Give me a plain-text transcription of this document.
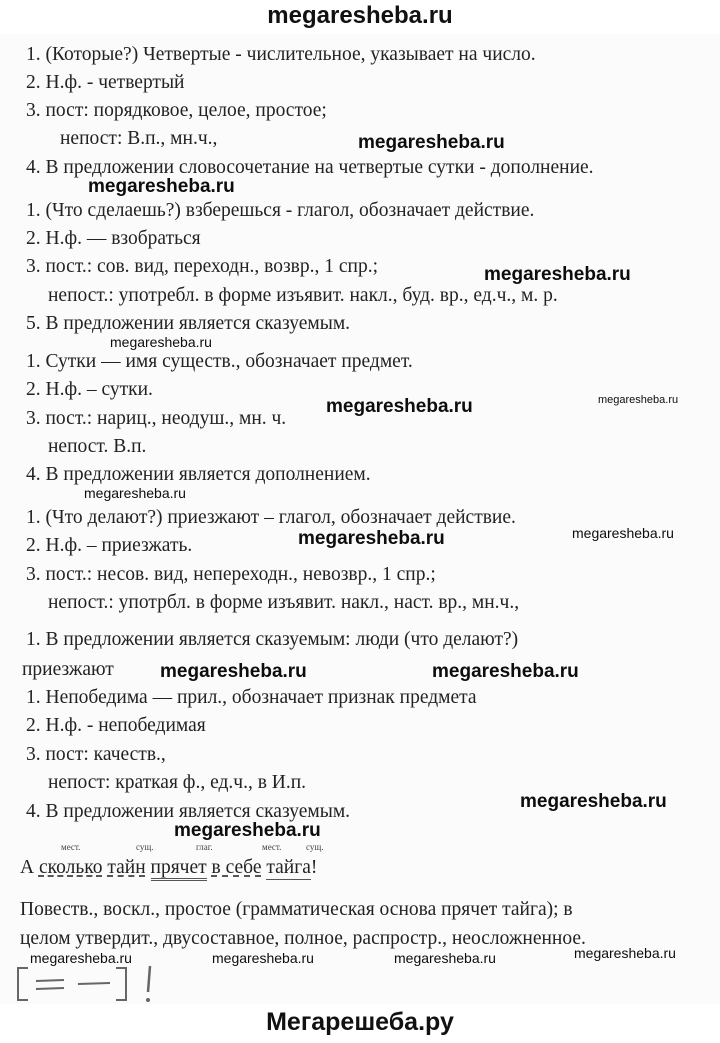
megaresheba.ru
1. (Которые?) Четвертые - числительное, указывает на число.
2. Н.ф. - четвертый
3. пост: порядковое, целое, простое;
непост: В.п., мн.ч.,
4. В предложении словосочетание на четвертые сутки - дополнение.
1. (Что сделаешь?) взберешься - глагол, обозначает действие.
2. Н.ф. — взобраться
3. пост.: сов. вид, переходн., возвр., 1 спр.;
непост.: употребл. в форме изъявит. накл., буд. вр., ед.ч., м. р.
5. В предложении является сказуемым.
1. Сутки — имя существ., обозначает предмет.
2. Н.ф. – сутки.
3. пост.: нариц., неодуш., мн. ч.
непост. В.п.
4. В предложении является дополнением.
1. (Что делают?) приезжают – глагол, обозначает действие.
2. Н.ф. – приезжать.
3. пост.: несов. вид, непереходн., невозвр., 1 спр.;
непост.: употрбл. в форме изъявит. накл., наст. вр., мн.ч.,
1. В предложении является сказуемым: люди (что делают?)
приезжают
1. Непобедима — прил., обозначает признак предмета
2. Н.ф. - непобедимая
3. пост: качеств.,
непост: краткая ф., ед.ч., в И.п.
4. В предложении является сказуемым.
мест.	сущ.	глаг.	мест.	сущ.
А сколько тайн прячет в себе тайга!
Повеств., воскл., простое (грамматическая основа прячет тайга); в
целом утвердит., двусоставное, полное, распростр., неосложненное.
megaresheba.ru
megaresheba.ru
megaresheba.ru
megaresheba.ru
megaresheba.ru	megaresheba.ru
megaresheba.ru
megaresheba.ru	megaresheba.ru
megaresheba.ru	megaresheba.ru
megaresheba.ru
megaresheba.ru
megaresheba.ru	megaresheba.ru	megaresheba.ru	megaresheba.ru
Мегарешеба.ру
